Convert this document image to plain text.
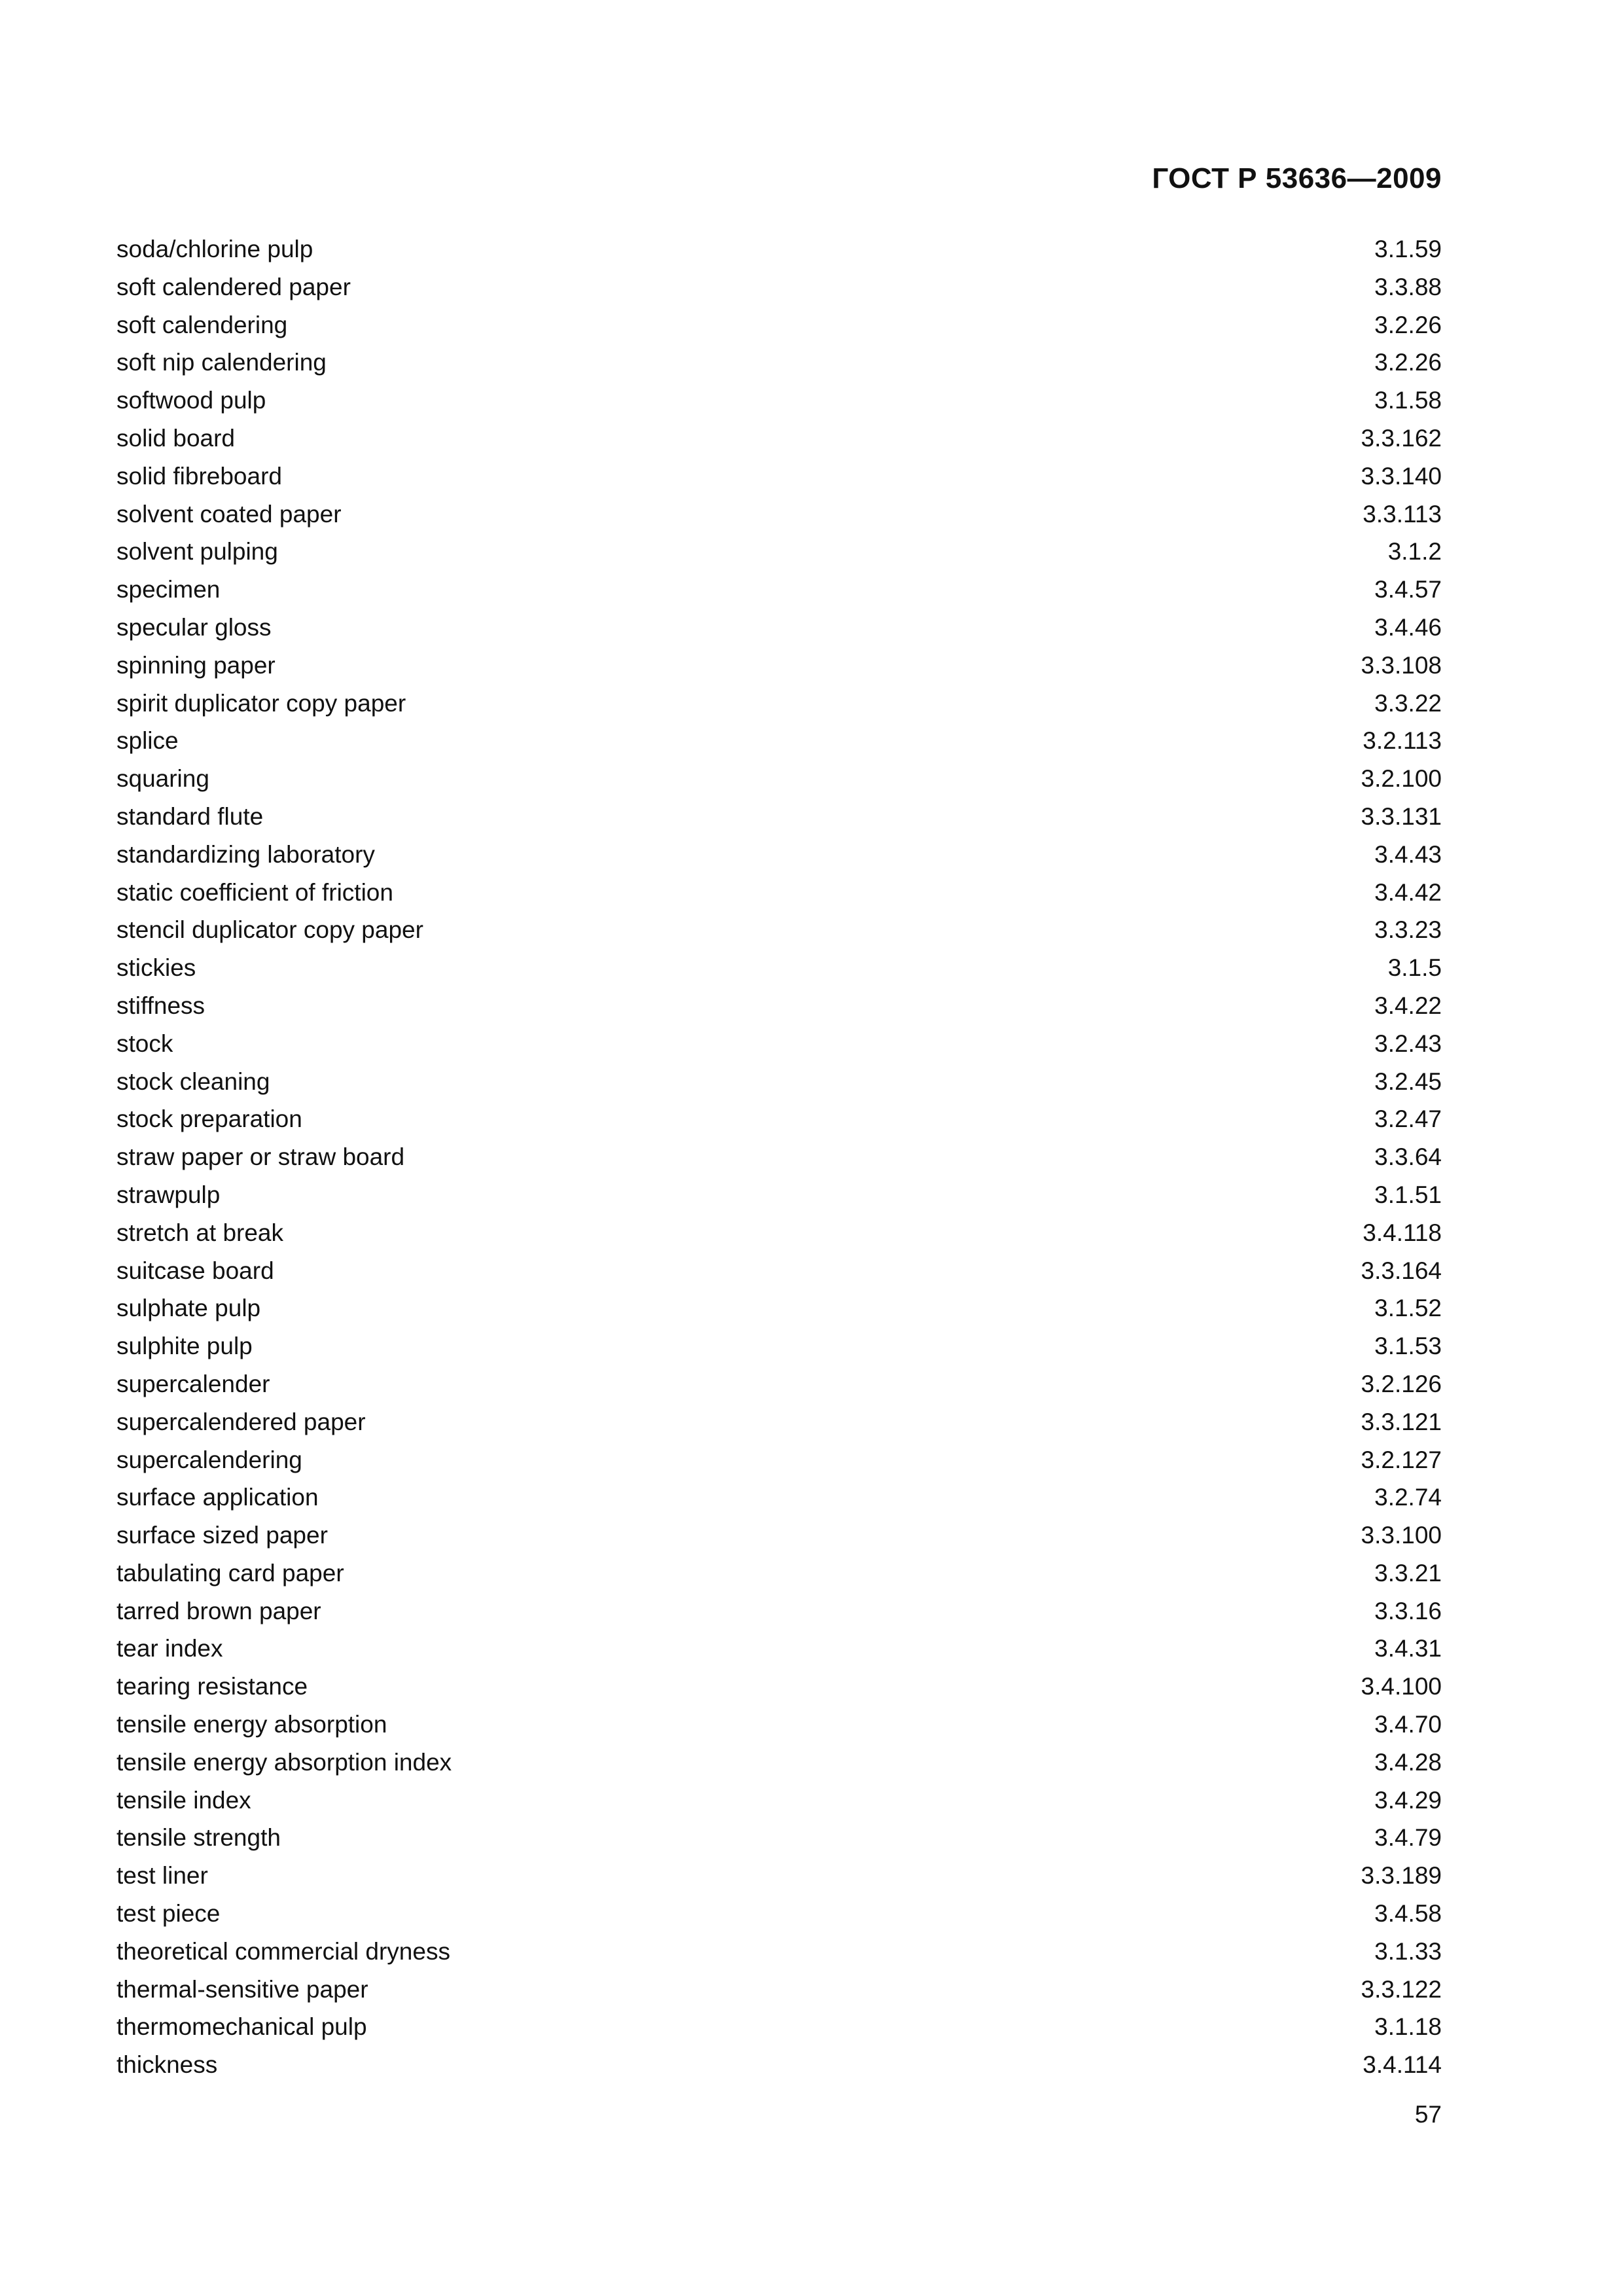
ГОСТ Р 53636—2009
soda/chlorine pulp	3.1.59
soft calendered paper	3.3.88
soft calendering	3.2.26
soft nip calendering	3.2.26
softwood pulp	3.1.58
solid board	3.3.162
solid fibreboard	3.3.140
solvent coated paper	3.3.113
solvent pulping	3.1.2
specimen	3.4.57
specular gloss	3.4.46
spinning paper	3.3.108
spirit duplicator copy paper	3.3.22
splice	3.2.113
squaring	3.2.100
standard flute	3.3.131
standardizing laboratory	3.4.43
static coefficient of friction	3.4.42
stencil duplicator copy paper	3.3.23
stickies	3.1.5
stiffness	3.4.22
stock	3.2.43
stock cleaning	3.2.45
stock preparation	3.2.47
straw paper or straw board	3.3.64
strawpulp	3.1.51
stretch at break	3.4.118
suitcase board	3.3.164
sulphate pulp	3.1.52
sulphite pulp	3.1.53
supercalender	3.2.126
supercalendered paper	3.3.121
supercalendering	3.2.127
surface application	3.2.74
surface sized paper	3.3.100
tabulating card paper	3.3.21
tarred brown paper	3.3.16
tear index	3.4.31
tearing resistance	3.4.100
tensile energy absorption	3.4.70
tensile energy absorption index	3.4.28
tensile index	3.4.29
tensile strength	3.4.79
test liner	3.3.189
test piece	3.4.58
theoretical commercial dryness	3.1.33
thermal-sensitive paper	3.3.122
thermomechanical pulp	3.1.18
thickness	3.4.114
57
